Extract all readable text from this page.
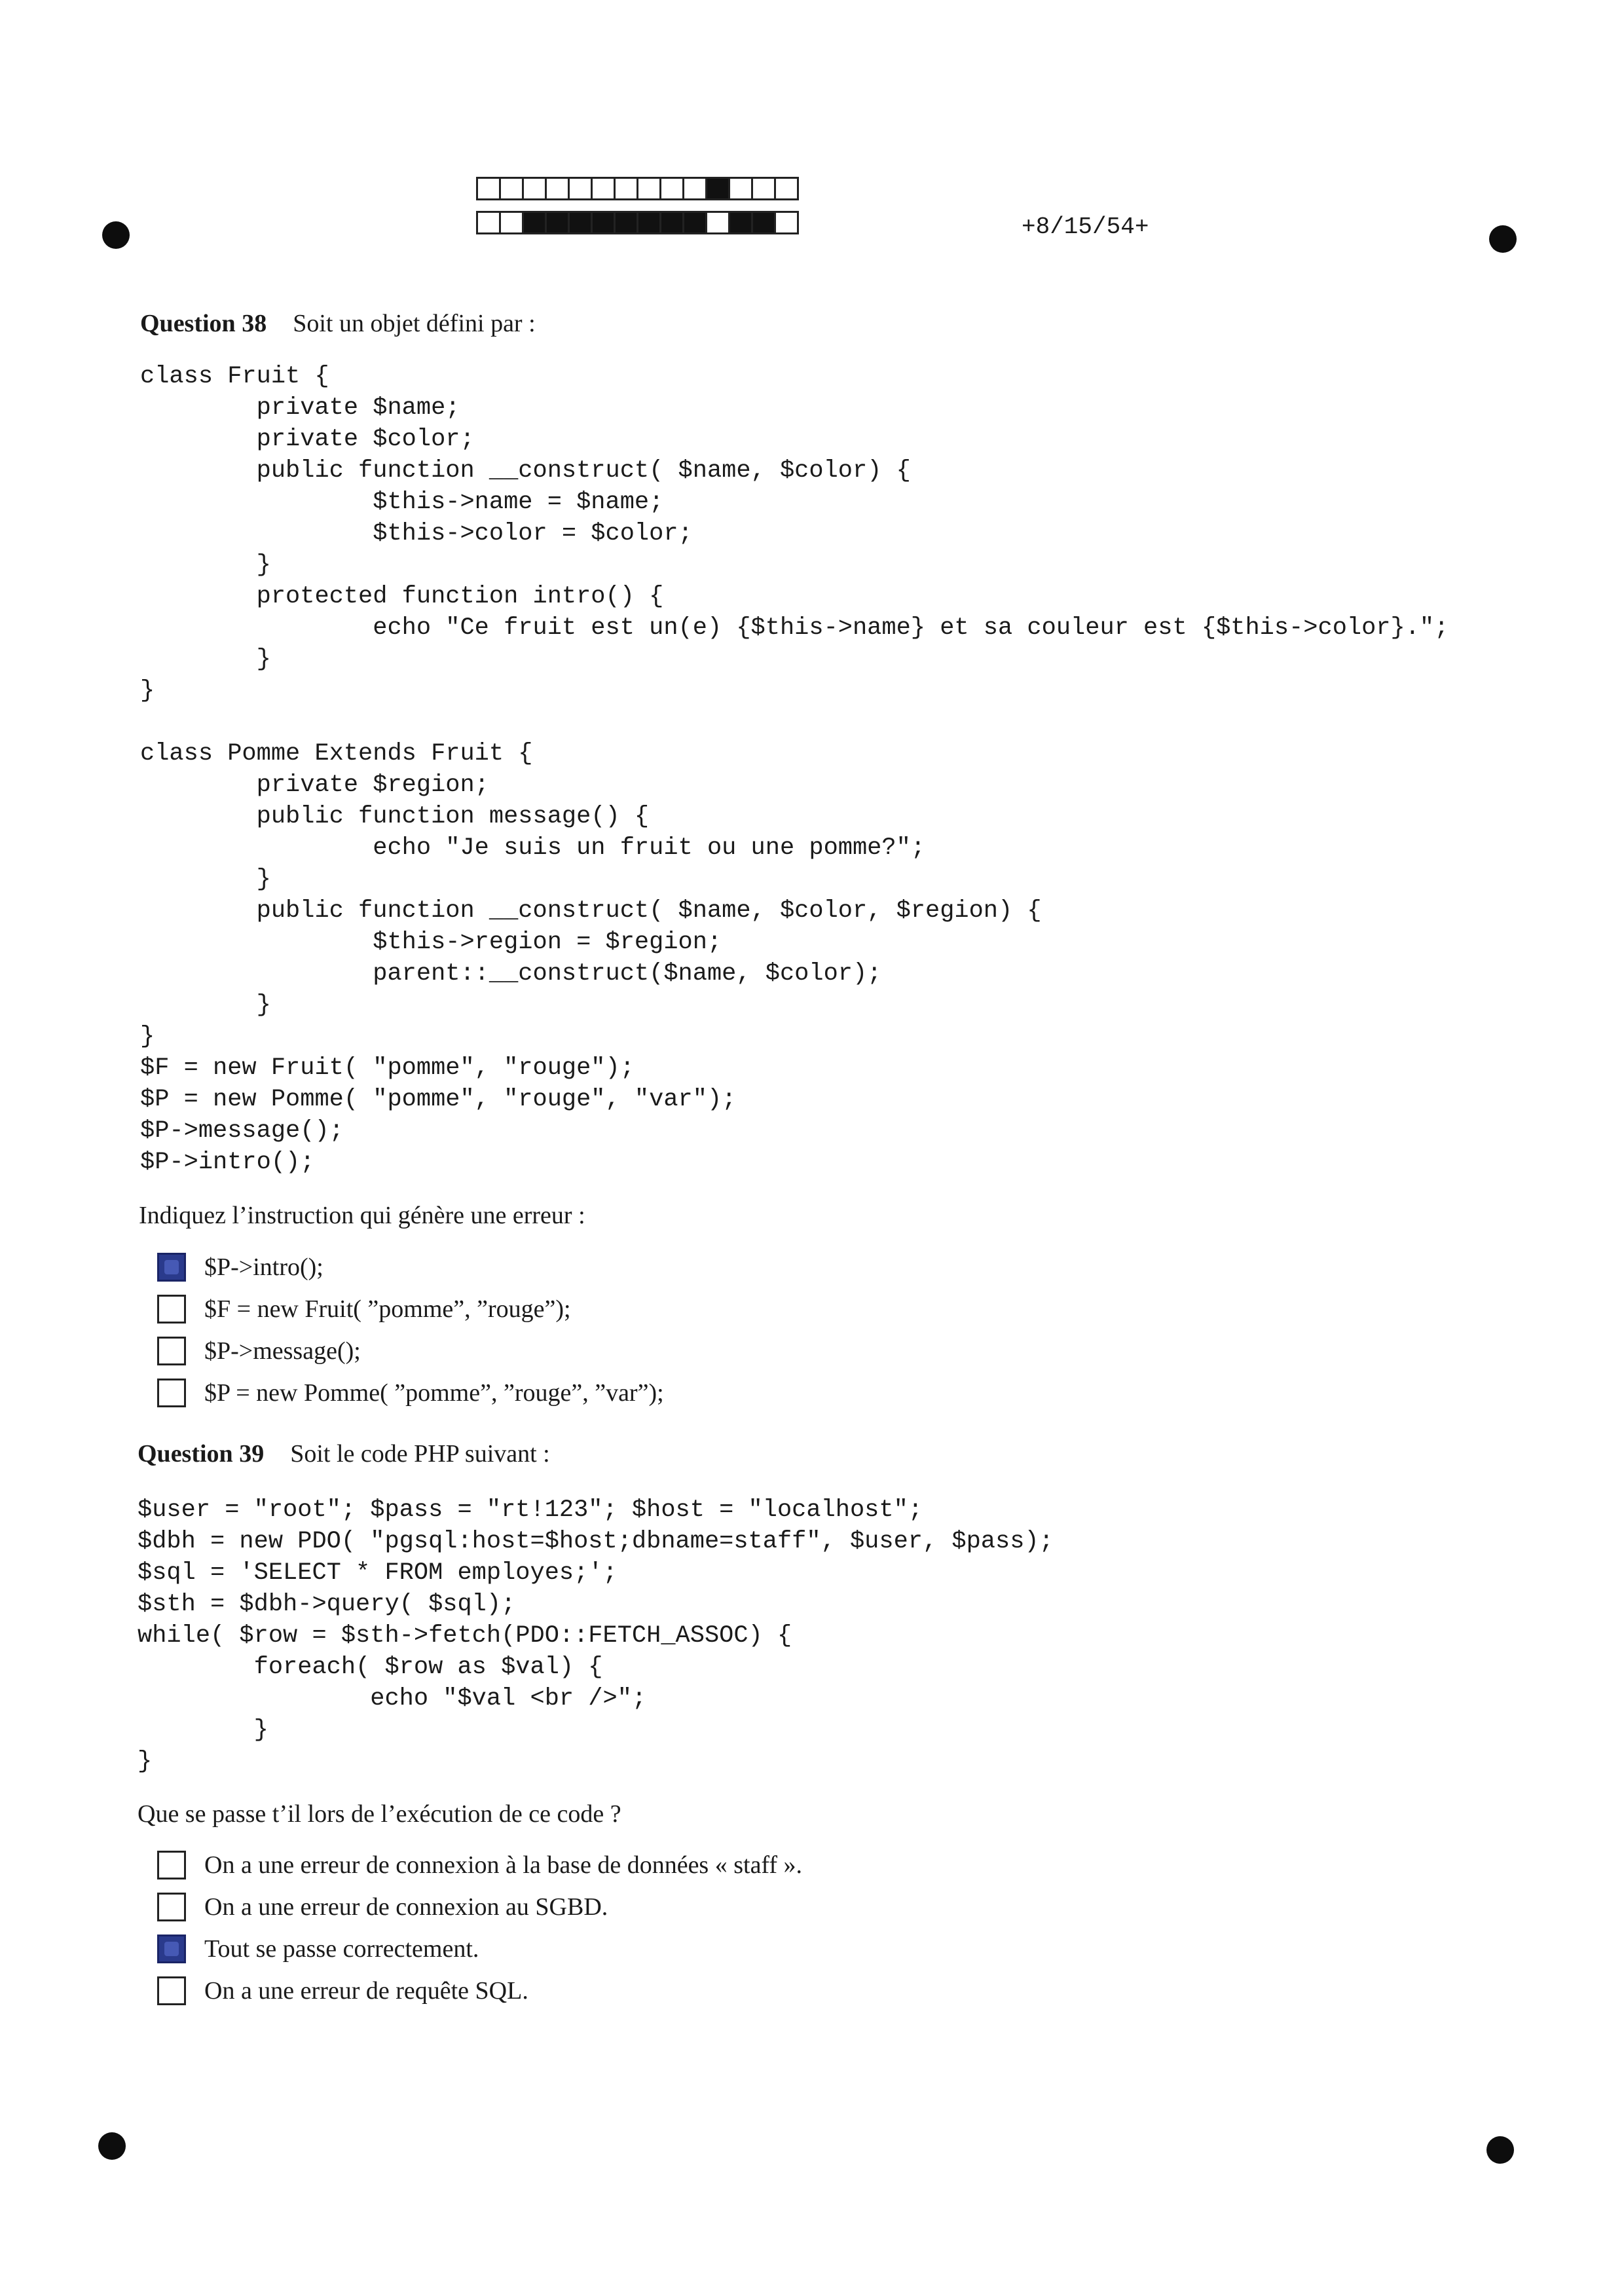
+8/15/54+
Question 38 Soit un objet défini par :
class Fruit {
private $name;
private $color;
public function __construct( $name, $color) {
$this->name = $name;
$this->color = $color;
}
protected function intro() {
echo "Ce fruit est un(e) {$this->name} et sa couleur est {$this->color}.";
}
}
class Pomme Extends Fruit {
private $region;
public function message() {
echo "Je suis un fruit ou une pomme?";
}
public function __construct( $name, $color, $region) {
$this->region = $region;
parent::__construct($name, $color);
}
}
$F = new Fruit( "pomme", "rouge");
$P = new Pomme( "pomme", "rouge", "var");
$P->message();
$P->intro();
Indiquez l’instruction qui génère une erreur :
$P->intro();
$F = new Fruit( ”pomme”, ”rouge”);
$P->message();
$P = new Pomme( ”pomme”, ”rouge”, ”var”);
Question 39 Soit le code PHP suivant :
$user = "root"; $pass = "rt!123"; $host = "localhost";
$dbh = new PDO( "pgsql:host=$host;dbname=staff", $user, $pass);
$sql = 'SELECT * FROM employes;';
$sth = $dbh->query( $sql);
while( $row = $sth->fetch(PDO::FETCH_ASSOC) {
foreach( $row as $val) {
echo "$val <br />";
}
}
Que se passe t’il lors de l’exécution de ce code ?
On a une erreur de connexion à la base de données « staff ».
On a une erreur de connexion au SGBD.
Tout se passe correctement.
On a une erreur de requête SQL.
